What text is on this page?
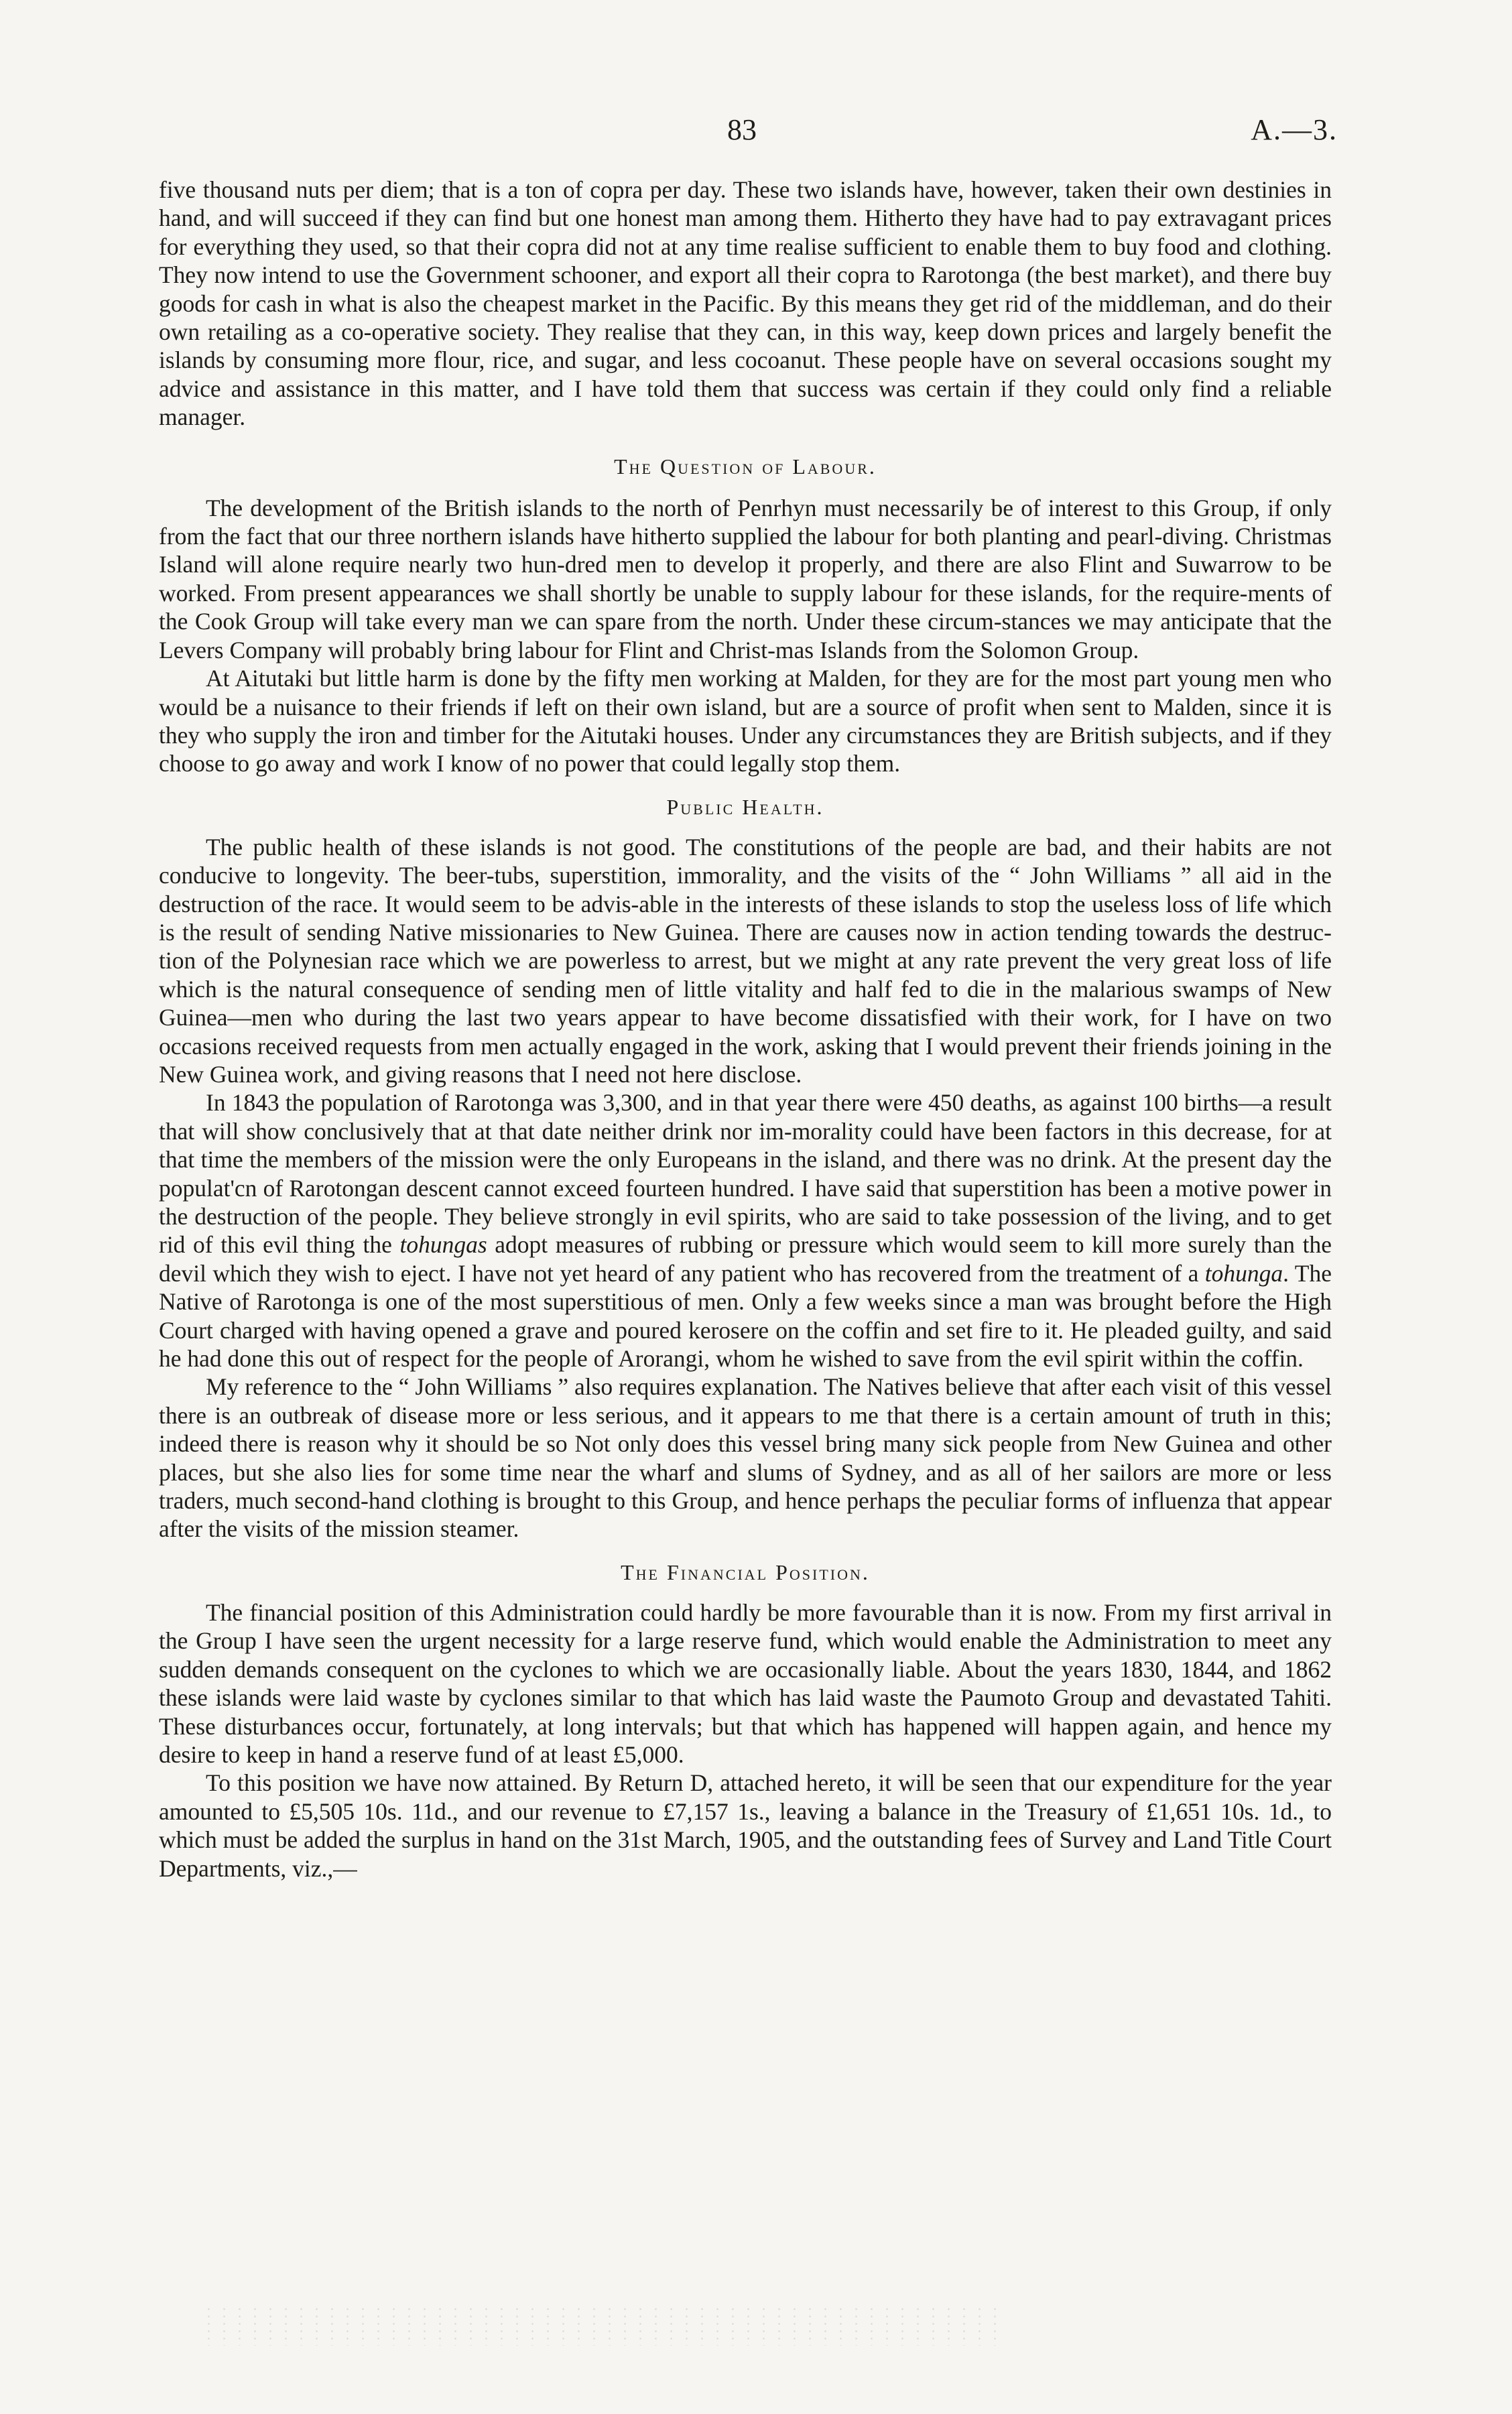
83	A.—3.

five thousand nuts per diem; that is a ton of copra per day. These two islands have, however, taken their own destinies in hand, and will succeed if they can find but one honest man among them. Hitherto they have had to pay extravagant prices for everything they used, so that their copra did not at any time realise sufficient to enable them to buy food and clothing. They now intend to use the Government schooner, and export all their copra to Rarotonga (the best market), and there buy goods for cash in what is also the cheapest market in the Pacific. By this means they get rid of the middleman, and do their own retailing as a co-operative society. They realise that they can, in this way, keep down prices and largely benefit the islands by consuming more flour, rice, and sugar, and less cocoanut. These people have on several occasions sought my advice and assistance in this matter, and I have told them that success was certain if they could only find a reliable manager.

The Question of Labour.

The development of the British islands to the north of Penrhyn must necessarily be of interest to this Group, if only from the fact that our three northern islands have hitherto supplied the labour for both planting and pearl-diving. Christmas Island will alone require nearly two hun-dred men to develop it properly, and there are also Flint and Suwarrow to be worked. From present appearances we shall shortly be unable to supply labour for these islands, for the require-ments of the Cook Group will take every man we can spare from the north. Under these circum-stances we may anticipate that the Levers Company will probably bring labour for Flint and Christ-mas Islands from the Solomon Group.

At Aitutaki but little harm is done by the fifty men working at Malden, for they are for the most part young men who would be a nuisance to their friends if left on their own island, but are a source of profit when sent to Malden, since it is they who supply the iron and timber for the Aitutaki houses. Under any circumstances they are British subjects, and if they choose to go away and work I know of no power that could legally stop them.

Public Health.

The public health of these islands is not good. The constitutions of the people are bad, and their habits are not conducive to longevity. The beer-tubs, superstition, immorality, and the visits of the “ John Williams ” all aid in the destruction of the race. It would seem to be advis-able in the interests of these islands to stop the useless loss of life which is the result of sending Native missionaries to New Guinea. There are causes now in action tending towards the destruc-tion of the Polynesian race which we are powerless to arrest, but we might at any rate prevent the very great loss of life which is the natural consequence of sending men of little vitality and half fed to die in the malarious swamps of New Guinea—men who during the last two years appear to have become dissatisfied with their work, for I have on two occasions received requests from men actually engaged in the work, asking that I would prevent their friends joining in the New Guinea work, and giving reasons that I need not here disclose.

In 1843 the population of Rarotonga was 3,300, and in that year there were 450 deaths, as against 100 births—a result that will show conclusively that at that date neither drink nor im-morality could have been factors in this decrease, for at that time the members of the mission were the only Europeans in the island, and there was no drink. At the present day the populat'cn of Rarotongan descent cannot exceed fourteen hundred. I have said that superstition has been a motive power in the destruction of the people. They believe strongly in evil spirits, who are said to take possession of the living, and to get rid of this evil thing the tohungas adopt measures of rubbing or pressure which would seem to kill more surely than the devil which they wish to eject. I have not yet heard of any patient who has recovered from the treatment of a tohunga. The Native of Rarotonga is one of the most superstitious of men. Only a few weeks since a man was brought before the High Court charged with having opened a grave and poured kerosere on the coffin and set fire to it. He pleaded guilty, and said he had done this out of respect for the people of Arorangi, whom he wished to save from the evil spirit within the coffin.

My reference to the “ John Williams ” also requires explanation. The Natives believe that after each visit of this vessel there is an outbreak of disease more or less serious, and it appears to me that there is a certain amount of truth in this; indeed there is reason why it should be so Not only does this vessel bring many sick people from New Guinea and other places, but she also lies for some time near the wharf and slums of Sydney, and as all of her sailors are more or less traders, much second-hand clothing is brought to this Group, and hence perhaps the peculiar forms of influenza that appear after the visits of the mission steamer.

The Financial Position.

The financial position of this Administration could hardly be more favourable than it is now. From my first arrival in the Group I have seen the urgent necessity for a large reserve fund, which would enable the Administration to meet any sudden demands consequent on the cyclones to which we are occasionally liable. About the years 1830, 1844, and 1862 these islands were laid waste by cyclones similar to that which has laid waste the Paumoto Group and devastated Tahiti. These disturbances occur, fortunately, at long intervals; but that which has happened will happen again, and hence my desire to keep in hand a reserve fund of at least £5,000.

To this position we have now attained. By Return D, attached hereto, it will be seen that our expenditure for the year amounted to £5,505 10s. 11d., and our revenue to £7,157 1s., leaving a balance in the Treasury of £1,651 10s. 1d., to which must be added the surplus in hand on the 31st March, 1905, and the outstanding fees of Survey and Land Title Court Departments, viz.,—
